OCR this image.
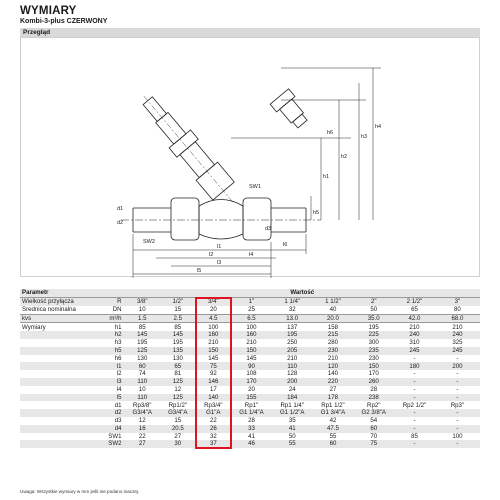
WYMIARY
Kombi-3-plus CZERWONY
Przegląd
SW1
SW2
d1
d2
d3
l1
l2
l3
l4
l5
l6
h1
h2
h3
h4
h5
h6
Parametr		Wartość								
Wielkość przyłącza	R	3/8"	1/2"	3/4"	1"	1 1/4"	1 1/2"	2"	2 1/2"	3"
Średnica nominalna	DN	10	15	20	25	32	40	50	65	80
kvs	m³/h	1.5	2.5	4.5	6.5	13.0	20.0	35.0	42.0	68.0
Wymiary	h1	85	85	100	100	137	158	195	210	210
	h2	145	145	160	160	195	215	225	240	240
	h3	195	195	210	210	250	280	300	310	325
	h5	125	135	150	150	205	230	235	245	245
	h6	130	130	145	145	210	210	230	-	-
	l1	60	65	75	90	110	120	150	180	200
	l2	74	81	92	108	128	140	170	-	-
	l3	110	125	146	170	200	220	260	-	-
	l4	10	12	17	20	24	27	28	-	-
	l5	110	125	140	155	184	178	238	-	-
	d1	Rp3/8"	Rp1/2"	Rp3/4"	Rp1"	Rp1 1/4"	Rp1 1/2"	Rp2"	Rp2 1/2"	Rp3"
	d2	G3/4"A	G3/4"A	G1"A	G1 1/4"A	G1 1/2"A	G1 3/4"A	G2 3/8"A	-	-
	d3	12	15	22	28	35	42	54	-	-
	d4	16	20.5	26	33	41	47.5	60	-	-
	SW1	22	27	32	41	50	55	70	85	100
	SW2	27	30	37	46	55	60	75	-	-
Uwaga: Wszystkie wymiary w mm jeśli nie podano inaczej.
